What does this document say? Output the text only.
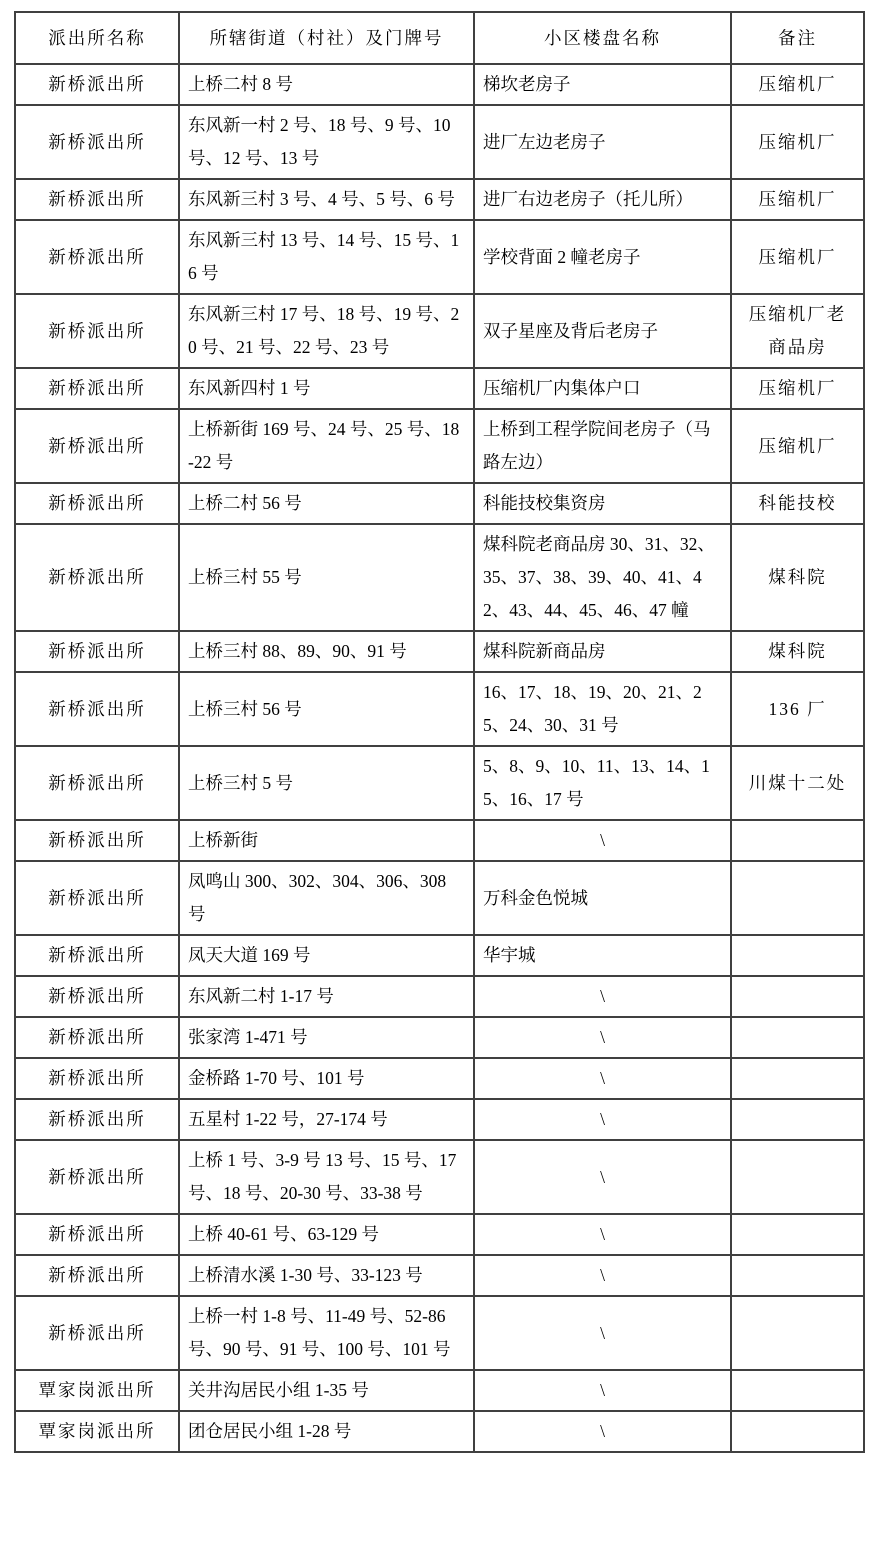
派出所名称	所辖街道（村社）及门牌号	小区楼盘名称	备注
新桥派出所	上桥二村 8 号	梯坎老房子	压缩机厂
新桥派出所	东风新一村 2 号、18 号、9 号、10 号、12 号、13 号	进厂左边老房子	压缩机厂
新桥派出所	东风新三村 3 号、4 号、5 号、6 号	进厂右边老房子（托儿所）	压缩机厂
新桥派出所	东风新三村 13 号、14 号、15 号、16 号	学校背面 2 幢老房子	压缩机厂
新桥派出所	东风新三村 17 号、18 号、19 号、20 号、21 号、22 号、23 号	双子星座及背后老房子	压缩机厂老商品房
新桥派出所	东风新四村 1 号	压缩机厂内集体户口	压缩机厂
新桥派出所	上桥新街 169 号、24 号、25 号、18-22 号	上桥到工程学院间老房子（马路左边）	压缩机厂
新桥派出所	上桥二村 56 号	科能技校集资房	科能技校
新桥派出所	上桥三村 55 号	煤科院老商品房 30、31、32、35、37、38、39、40、41、42、43、44、45、46、47 幢	煤科院
新桥派出所	上桥三村 88、89、90、91 号	煤科院新商品房	煤科院
新桥派出所	上桥三村 56 号	16、17、18、19、20、21、25、24、30、31 号	136 厂
新桥派出所	上桥三村 5 号	5、8、9、10、11、13、14、15、16、17 号	川煤十二处
新桥派出所	上桥新街	\	
新桥派出所	凤鸣山 300、302、304、306、308 号	万科金色悦城	
新桥派出所	凤天大道 169 号	华宇城	
新桥派出所	东风新二村 1-17 号	\	
新桥派出所	张家湾 1-471 号	\	
新桥派出所	金桥路 1-70 号、101 号	\	
新桥派出所	五星村 1-22 号，27-174 号	\	
新桥派出所	上桥 1 号、3-9 号 13 号、15 号、17 号、18 号、20-30 号、33-38 号	\	
新桥派出所	上桥 40-61 号、63-129 号	\	
新桥派出所	上桥清水溪 1-30 号、33-123 号	\	
新桥派出所	上桥一村 1-8 号、11-49 号、52-86 号、90 号、91 号、100 号、101 号	\	
覃家岗派出所	关井沟居民小组 1-35 号	\	
覃家岗派出所	团仓居民小组 1-28 号	\	
